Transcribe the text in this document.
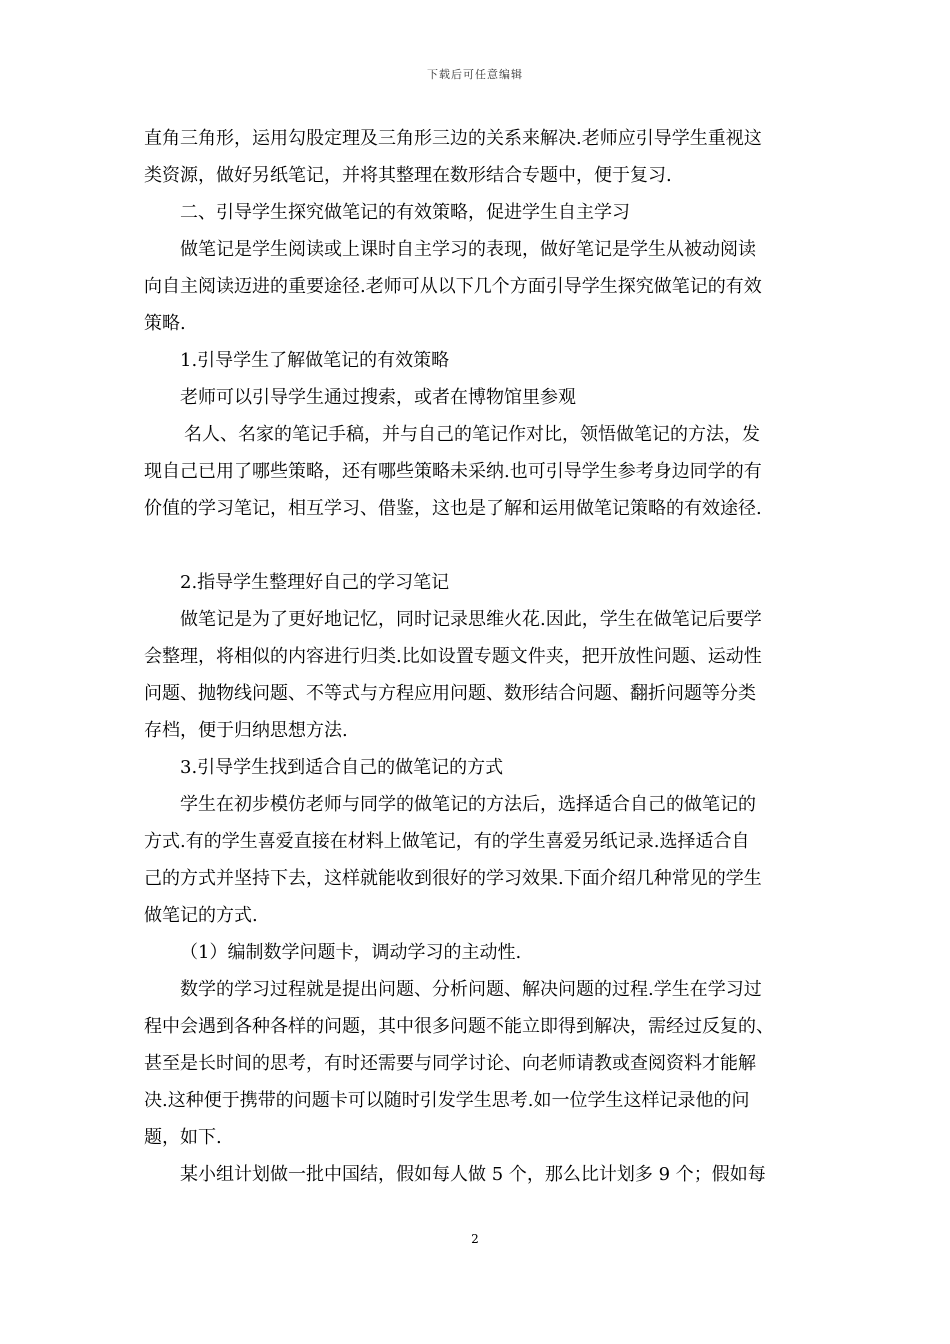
下载后可任意编辑
直角三角形，运用勾股定理及三角形三边的关系来解决.老师应引导学生重视这
类资源，做好另纸笔记，并将其整理在数形结合专题中，便于复习.
二、引导学生探究做笔记的有效策略，促进学生自主学习
做笔记是学生阅读或上课时自主学习的表现，做好笔记是学生从被动阅读
向自主阅读迈进的重要途径.老师可从以下几个方面引导学生探究做笔记的有效
策略.
1.引导学生了解做笔记的有效策略
老师可以引导学生通过搜索，或者在博物馆里参观
名人、名家的笔记手稿，并与自己的笔记作对比，领悟做笔记的方法，发
现自己已用了哪些策略，还有哪些策略未采纳.也可引导学生参考身边同学的有
价值的学习笔记，相互学习、借鉴，这也是了解和运用做笔记策略的有效途径.
2.指导学生整理好自己的学习笔记
做笔记是为了更好地记忆，同时记录思维火花.因此，学生在做笔记后要学
会整理，将相似的内容进行归类.比如设置专题文件夹，把开放性问题、运动性
问题、抛物线问题、不等式与方程应用问题、数形结合问题、翻折问题等分类
存档，便于归纳思想方法.
3.引导学生找到适合自己的做笔记的方式
学生在初步模仿老师与同学的做笔记的方法后，选择适合自己的做笔记的
方式.有的学生喜爱直接在材料上做笔记，有的学生喜爱另纸记录.选择适合自
己的方式并坚持下去，这样就能收到很好的学习效果.下面介绍几种常见的学生
做笔记的方式.
（1）编制数学问题卡，调动学习的主动性.
数学的学习过程就是提出问题、分析问题、解决问题的过程.学生在学习过
程中会遇到各种各样的问题，其中很多问题不能立即得到解决，需经过反复的、
甚至是长时间的思考，有时还需要与同学讨论、向老师请教或查阅资料才能解
决.这种便于携带的问题卡可以随时引发学生思考.如一位学生这样记录他的问
题，如下.
某小组计划做一批中国结，假如每人做 5 个，那么比计划多 9 个；假如每
2
